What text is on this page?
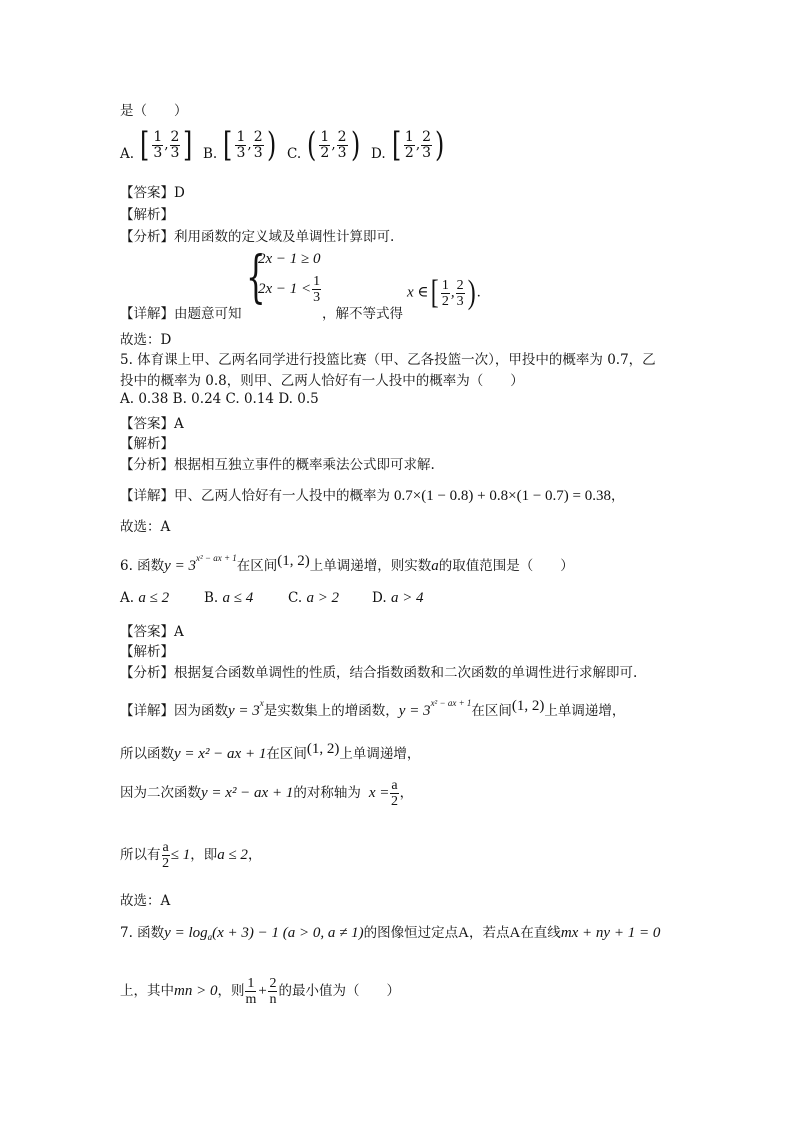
是（　　）
A. [ $\frac{1}{3}$ , $\frac{2}{3}$ ] B. [ $\frac{1}{3}$ , $\frac{2}{3}$ ) C. ( $\frac{1}{2}$ , $\frac{2}{3}$ ) D. [ $\frac{1}{2}$ , $\frac{2}{3}$ )
【答案】D
【解析】
【分析】利用函数的定义域及单调性计算即可.
【详解】由题意可知
{
2x − 1 ≥ 0
$2x - 1 < \frac{1}{3}$
，解不等式得
x ∈[ $\frac{1}{2}$ , $\frac{2}{3}$ ) .
故选：D
5. 体育课上甲、乙两名同学进行投篮比赛（甲、乙各投篮一次），甲投中的概率为 0.7，乙
投中的概率为 0.8，则甲、乙两人恰好有一人投中的概率为（　　）
A. 0.38 B. 0.24 C. 0.14 D. 0.5
【答案】A
【解析】
【分析】根据相互独立事件的概率乘法公式即可求解.
【详解】甲、乙两人恰好有一人投中的概率为 0.7×(1 − 0.8) + 0.8×(1 − 0.7) = 0.38，
故选：A
6. 函数$y = 3^{x^2 - ax + 1}$在区间(1, 2)上单调递增，则实数a的取值范围是（　　）
A. a ≤ 2	B. a ≤ 4	C. a > 2 D. a > 4
【答案】A
【解析】
【分析】根据复合函数单调性的性质，结合指数函数和二次函数的单调性进行求解即可.
【详解】因为函数$y = 3^x$是实数集上的增函数，$y = 3^{x^2 - ax + 1}$在区间(1, 2)上单调递增，
所以函数y = x² − ax + 1在区间(1, 2)上单调递增，
因为二次函数y = x² − ax + 1的对称轴为 $x = \frac{a}{2}$ ，
所以有 $\frac{a}{2} \le 1$，即a ≤ 2，
故选：A
7. 函数$y = \log_a(x + 3) - 1$ (a > 0, a ≠ 1)的图像恒过定点A，若点A在直线mx + ny + 1 = 0
上，其中mn > 0，则 $\frac{1}{m} + \frac{2}{n}$ 的最小值为（　　）
